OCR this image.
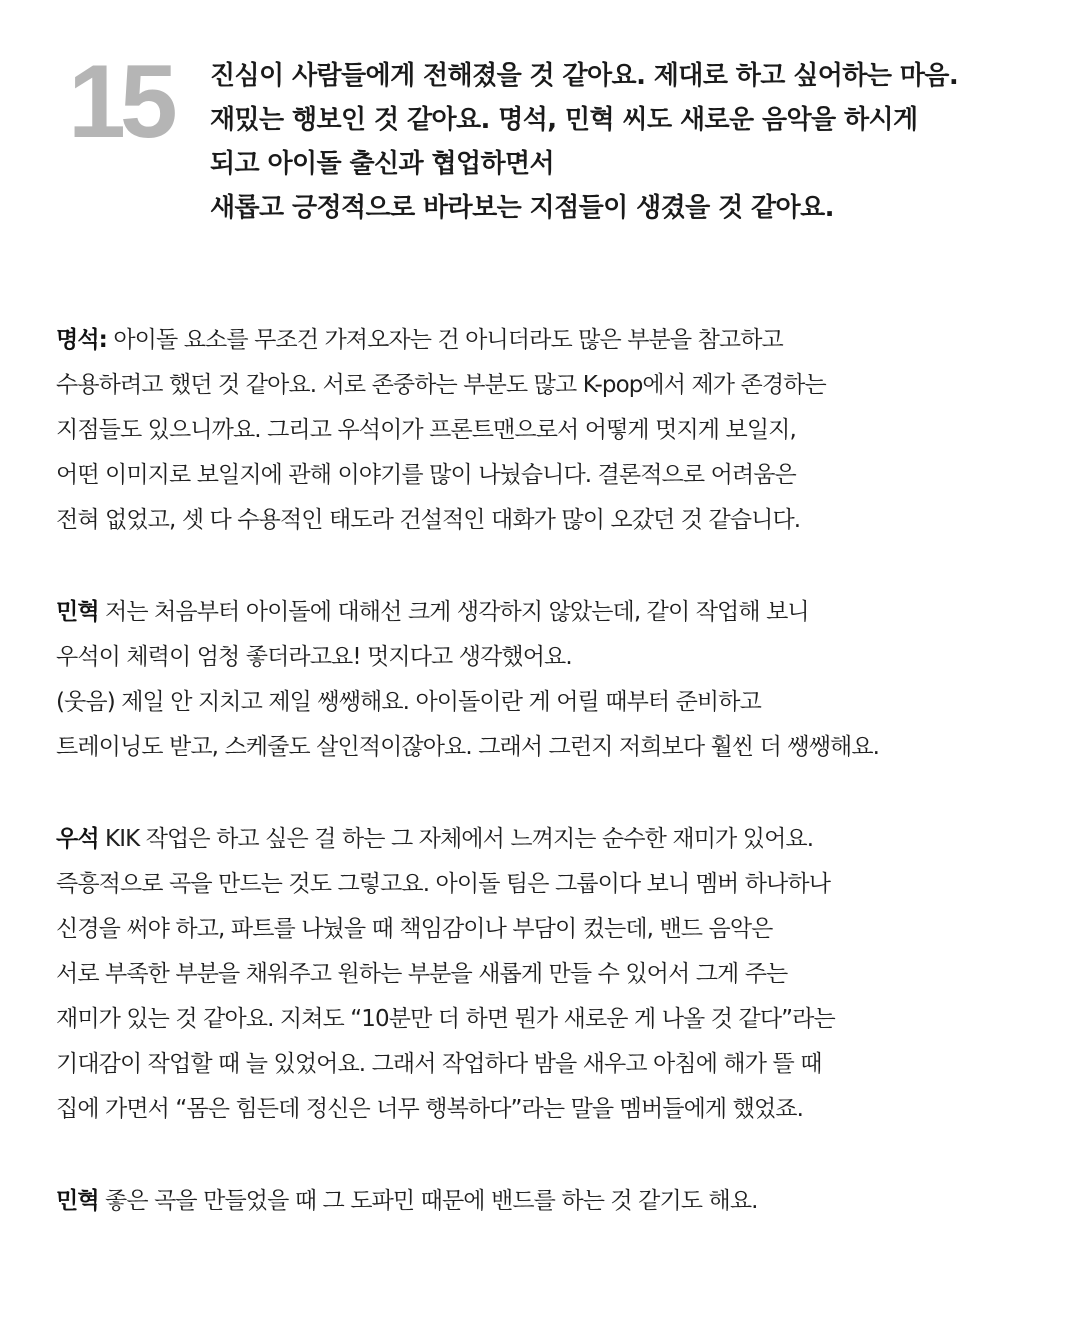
15	진심이 사람들에게 전해졌을 것 같아요. 제대로 하고 싶어하는 마음.
재밌는 행보인 것 같아요. 명석, 민혁 씨도 새로운 음악을 하시게
되고 아이돌 출신과 협업하면서
새롭고 긍정적으로 바라보는 지점들이 생겼을 것 같아요.
명석: 아이돌 요소를 무조건 가져오자는 건 아니더라도 많은 부분을 참고하고
수용하려고 했던 것 같아요. 서로 존중하는 부분도 많고 K-pop에서 제가 존경하는
지점들도 있으니까요. 그리고 우석이가 프론트맨으로서 어떻게 멋지게 보일지,
어떤 이미지로 보일지에 관해 이야기를 많이 나눴습니다. 결론적으로 어려움은
전혀 없었고, 셋 다 수용적인 태도라 건설적인 대화가 많이 오갔던 것 같습니다.
민혁 저는 처음부터 아이돌에 대해선 크게 생각하지 않았는데, 같이 작업해 보니
우석이 체력이 엄청 좋더라고요! 멋지다고 생각했어요.
(웃음) 제일 안 지치고 제일 쌩쌩해요. 아이돌이란 게 어릴 때부터 준비하고
트레이닝도 받고, 스케줄도 살인적이잖아요. 그래서 그런지 저희보다 훨씬 더 쌩쌩해요.
우석 KIK 작업은 하고 싶은 걸 하는 그 자체에서 느껴지는 순수한 재미가 있어요.
즉흥적으로 곡을 만드는 것도 그렇고요. 아이돌 팀은 그룹이다 보니 멤버 하나하나
신경을 써야 하고, 파트를 나눴을 때 책임감이나 부담이 컸는데, 밴드 음악은
서로 부족한 부분을 채워주고 원하는 부분을 새롭게 만들 수 있어서 그게 주는
재미가 있는 것 같아요. 지쳐도 “10분만 더 하면 뭔가 새로운 게 나올 것 같다”라는
기대감이 작업할 때 늘 있었어요. 그래서 작업하다 밤을 새우고 아침에 해가 뜰 때
집에 가면서 “몸은 힘든데 정신은 너무 행복하다”라는 말을 멤버들에게 했었죠.
민혁 좋은 곡을 만들었을 때 그 도파민 때문에 밴드를 하는 것 같기도 해요.
